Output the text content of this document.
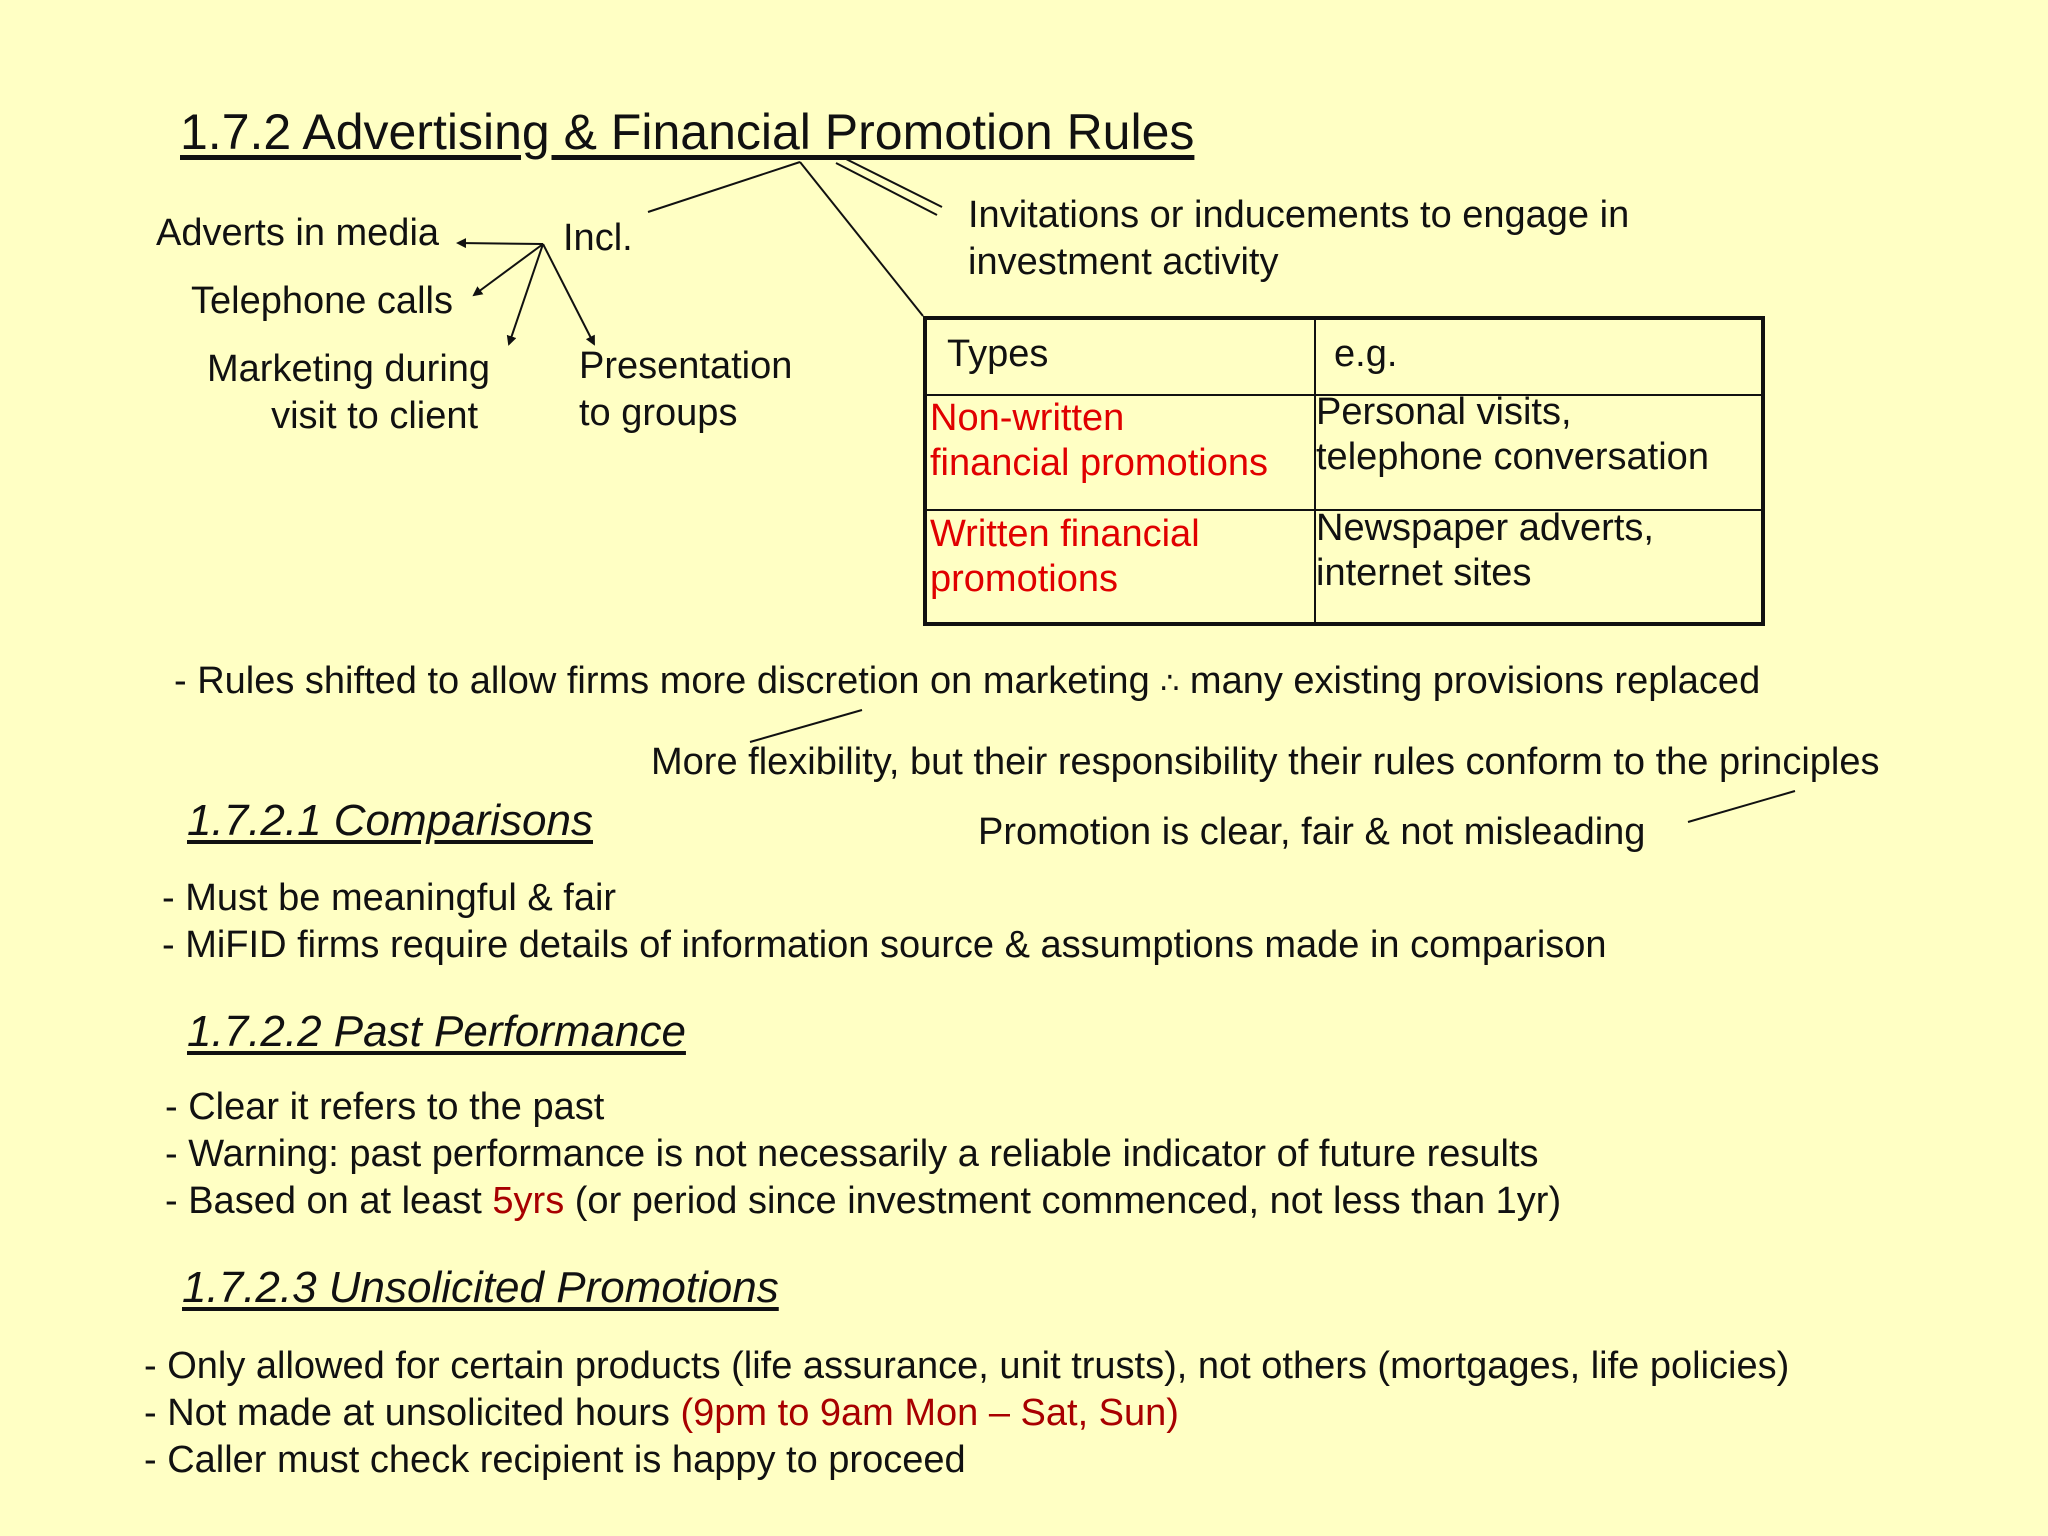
1.7.2 Advertising & Financial Promotion Rules
Invitations or inducements to engage in
investment activity
Incl.
Adverts in media
Telephone calls
Marketing during
visit to client
Presentation
to groups
Types	e.g.
Non-written
financial promotions
Personal visits,
telephone conversation
Written financial
promotions
Newspaper adverts,
internet sites
- Rules shifted to allow firms more discretion on marketing ∴ many existing provisions replaced
More flexibility, but their responsibility their rules conform to the principles
Promotion is clear, fair & not misleading
1.7.2.1 Comparisons
- Must be meaningful & fair
- MiFID firms require details of information source & assumptions made in comparison
1.7.2.2 Past Performance
- Clear it refers to the past
- Warning: past performance is not necessarily a reliable indicator of future results
- Based on at least 5yrs (or period since investment commenced, not less than 1yr)
1.7.2.3 Unsolicited Promotions
- Only allowed for certain products (life assurance, unit trusts), not others (mortgages, life policies)
- Not made at unsolicited hours (9pm to 9am Mon – Sat, Sun)
- Caller must check recipient is happy to proceed
